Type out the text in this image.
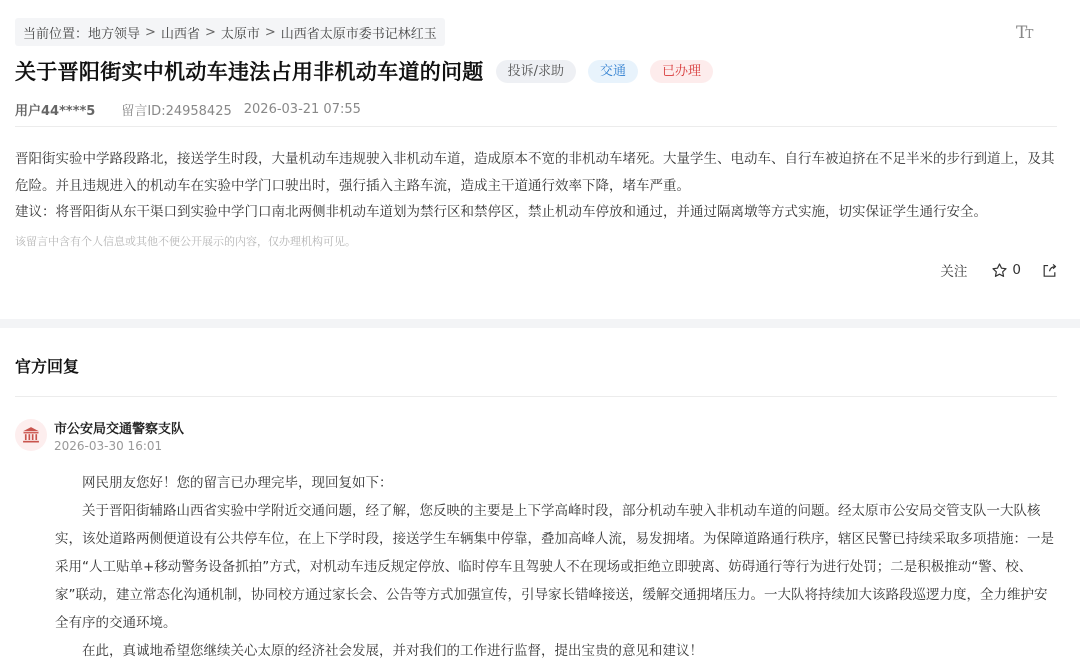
当前位置： 地方领导 > 山西省 > 太原市 > 山西省太原市委书记林红玉	TT
关于晋阳街实中机动车违法占用非机动车道的问题	投诉/求助	交通	已办理
用户44****5 留言ID:24958425 2026-03-21 07:55

晋阳街实验中学路段路北，接送学生时段，大量机动车违规驶入非机动车道，造成原本不宽的非机动车堵死。大量学生、电动车、自行车被迫挤在不足半米的步行到道上，及其危险。并且违规进入的机动车在实验中学门口驶出时，强行插入主路车流，造成主干道通行效率下降，堵车严重。

建议：将晋阳街从东干渠口到实验中学门口南北两侧非机动车道划为禁行区和禁停区，禁止机动车停放和通过，并通过隔离墩等方式实施，切实保证学生通行安全。

该留言中含有个人信息或其他不便公开展示的内容，仅办理机构可见。
关注	0
官方回复
市公安局交通警察支队
2026-03-30 16:01

网民朋友您好！您的留言已办理完毕，现回复如下：

关于晋阳街辅路山西省实验中学附近交通问题，经了解，您反映的主要是上下学高峰时段，部分机动车驶入非机动车道的问题。经太原市公安局交管支队一大队核实，该处道路两侧便道设有公共停车位，在上下学时段，接送学生车辆集中停靠，叠加高峰人流，易发拥堵。为保障道路通行秩序，辖区民警已持续采取多项措施：一是采用“人工贴单+移动警务设备抓拍”方式，对机动车违反规定停放、临时停车且驾驶人不在现场或拒绝立即驶离、妨碍通行等行为进行处罚；二是积极推动“警、校、家”联动，建立常态化沟通机制，协同校方通过家长会、公告等方式加强宣传，引导家长错峰接送，缓解交通拥堵压力。一大队将持续加大该路段巡逻力度，全力维护安全有序的交通环境。

在此，真诚地希望您继续关心太原的经济社会发展，并对我们的工作进行监督，提出宝贵的意见和建议！
